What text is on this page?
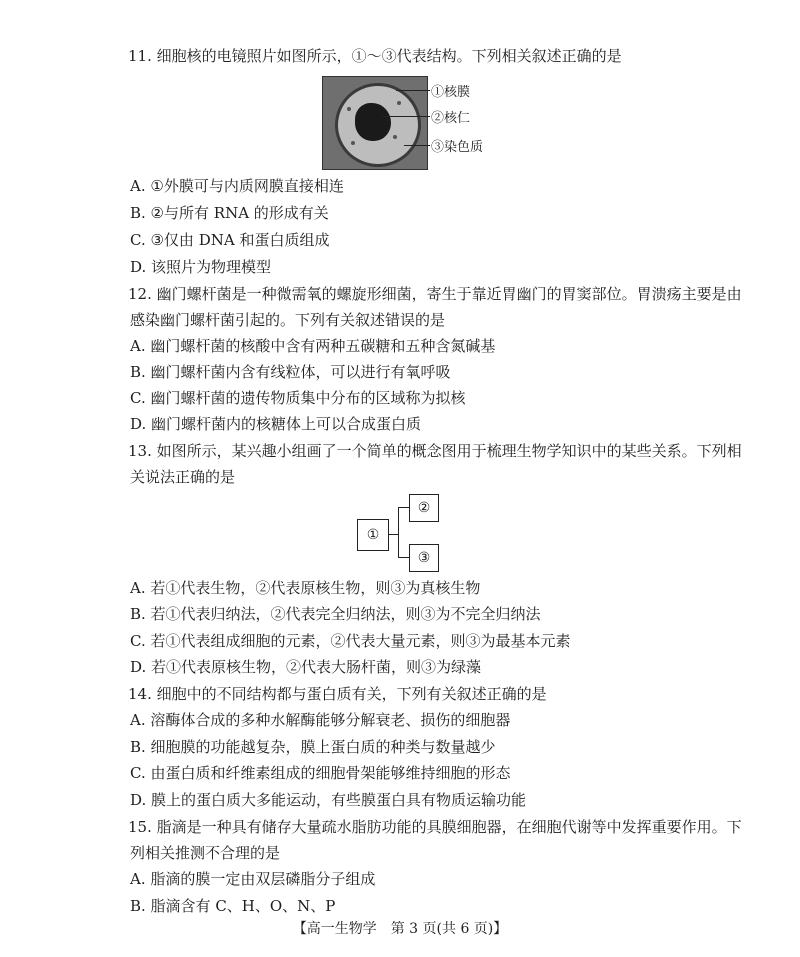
11. 细胞核的电镜照片如图所示，①～③代表结构。下列相关叙述正确的是
①核膜
②核仁
③染色质
A. ①外膜可与内质网膜直接相连
B. ②与所有 RNA 的形成有关
C. ③仅由 DNA 和蛋白质组成
D. 该照片为物理模型
12. 幽门螺杆菌是一种微需氧的螺旋形细菌，寄生于靠近胃幽门的胃窦部位。胃溃疡主要是由
感染幽门螺杆菌引起的。下列有关叙述错误的是
A. 幽门螺杆菌的核酸中含有两种五碳糖和五种含氮碱基
B. 幽门螺杆菌内含有线粒体，可以进行有氧呼吸
C. 幽门螺杆菌的遗传物质集中分布的区域称为拟核
D. 幽门螺杆菌内的核糖体上可以合成蛋白质
13. 如图所示，某兴趣小组画了一个简单的概念图用于梳理生物学知识中的某些关系。下列相
关说法正确的是
①
②
③
A. 若①代表生物，②代表原核生物，则③为真核生物
B. 若①代表归纳法，②代表完全归纳法，则③为不完全归纳法
C. 若①代表组成细胞的元素，②代表大量元素，则③为最基本元素
D. 若①代表原核生物，②代表大肠杆菌，则③为绿藻
14. 细胞中的不同结构都与蛋白质有关，下列有关叙述正确的是
A. 溶酶体合成的多种水解酶能够分解衰老、损伤的细胞器
B. 细胞膜的功能越复杂，膜上蛋白质的种类与数量越少
C. 由蛋白质和纤维素组成的细胞骨架能够维持细胞的形态
D. 膜上的蛋白质大多能运动，有些膜蛋白具有物质运输功能
15. 脂滴是一种具有储存大量疏水脂肪功能的具膜细胞器，在细胞代谢等中发挥重要作用。下
列相关推测不合理的是
A. 脂滴的膜一定由双层磷脂分子组成
B. 脂滴含有 C、H、O、N、P
【高一生物学　第 3 页(共 6 页)】
